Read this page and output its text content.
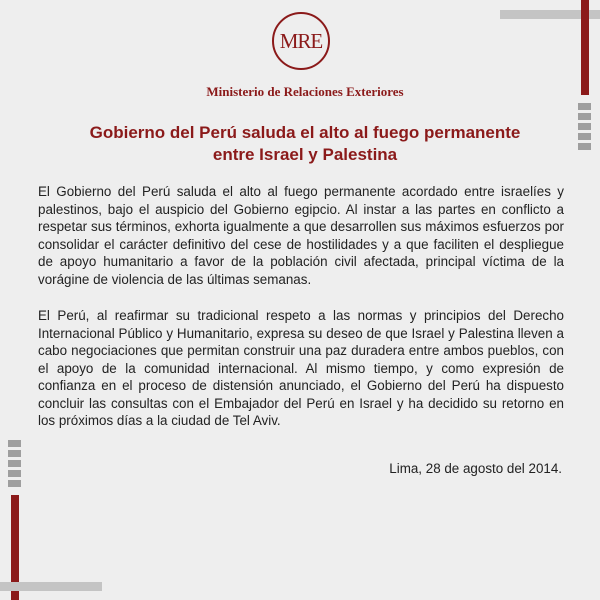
MRE
Ministerio de Relaciones Exteriores
Gobierno del Perú saluda el alto al fuego permanente
entre Israel y Palestina

El Gobierno del Perú saluda el alto al fuego permanente acordado entre israelíes y palestinos, bajo el auspicio del Gobierno egipcio. Al instar a las partes en conflicto a respetar sus términos, exhorta igualmente a que desarrollen sus máximos esfuerzos por consolidar el carácter definitivo del cese de hostilidades y a que faciliten el despliegue de apoyo humanitario a favor de la población civil afectada, principal víctima de la vorágine de violencia de las últimas semanas.

El Perú, al reafirmar su tradicional respeto a las normas y principios del Derecho Internacional Público y Humanitario, expresa su deseo de que Israel y Palestina lleven a cabo negociaciones que permitan construir una paz duradera entre ambos pueblos, con el apoyo de la comunidad internacional. Al mismo tiempo, y como expresión de confianza en el proceso de distensión anunciado, el Gobierno del Perú ha dispuesto concluir las consultas con el Embajador del Perú en Israel y ha decidido su retorno en los próximos días a la ciudad de Tel Aviv.

Lima, 28 de agosto del 2014.
